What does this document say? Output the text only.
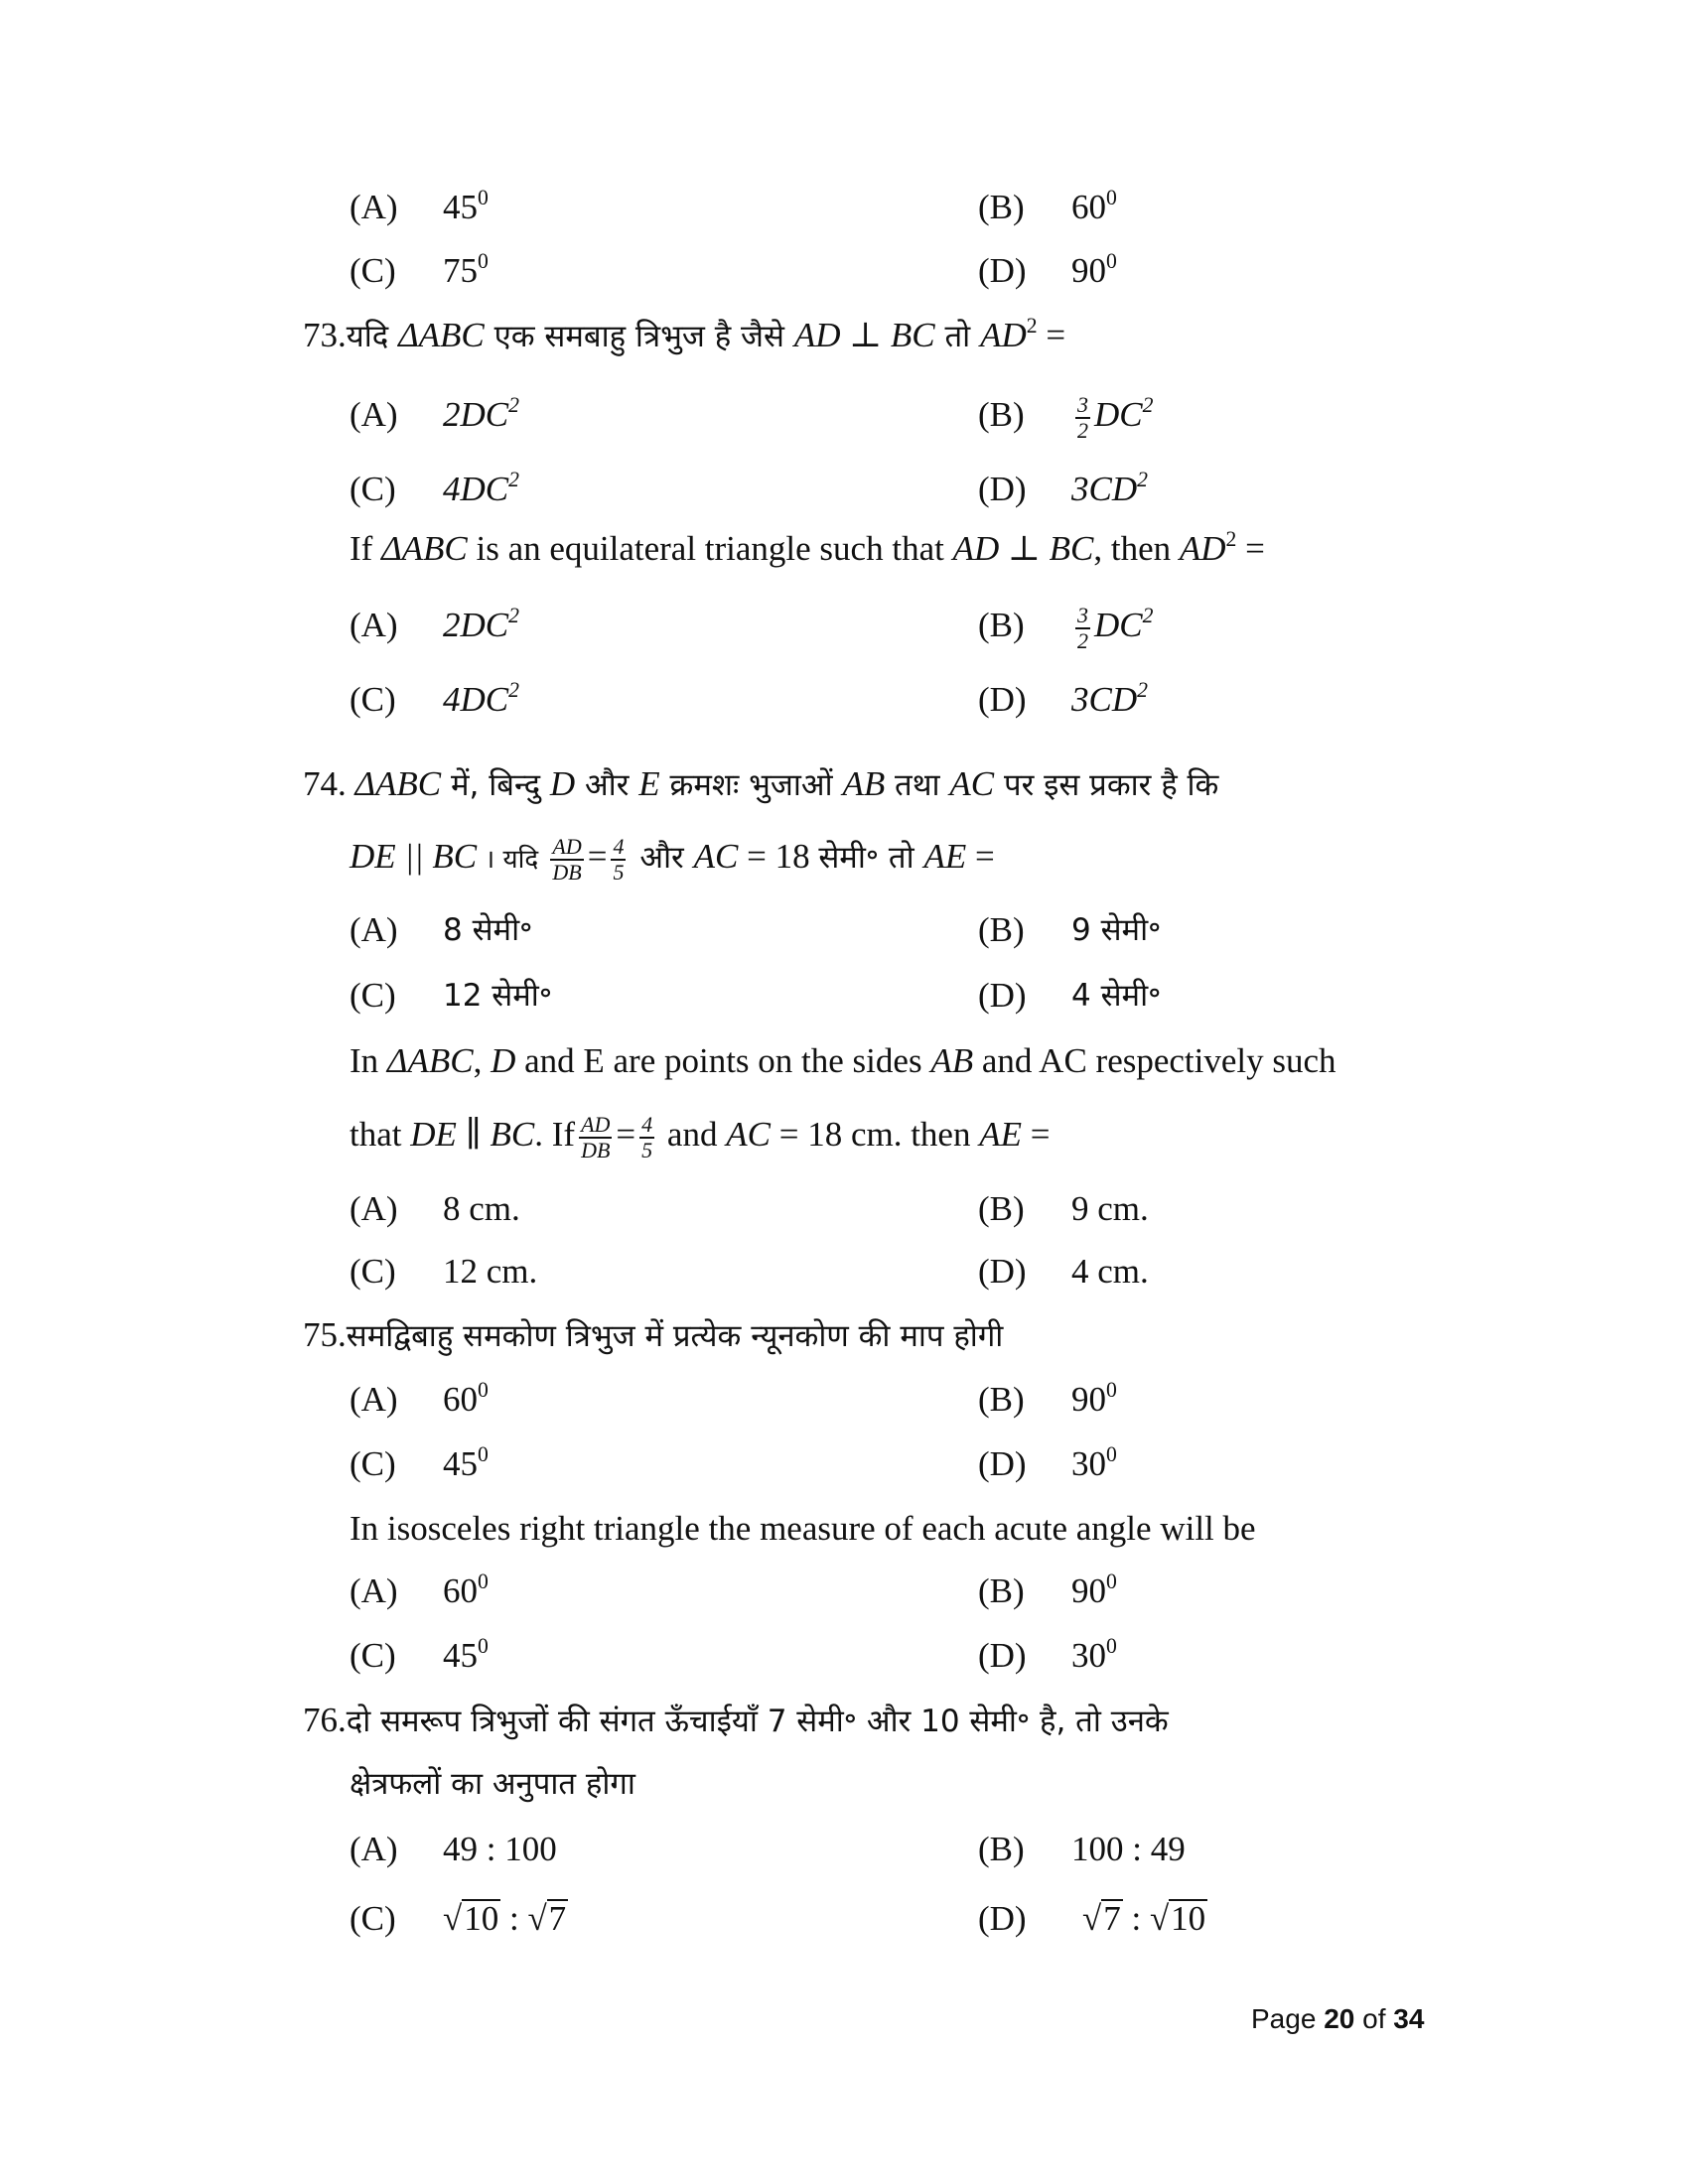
(A)	$45^0$	(B)	$60^0$
(C)	$75^0$	(D)	$90^0$
73.यदि ΔABC एक समबाहु त्रिभुज है जैसे AD ⊥ BC तो $AD^2$ =
(A)	$2DC^2$	(B)	$\frac{3}{2} DC^2$
(C)	$4DC^2$	(D)	$3CD^2$
If ΔABC is an equilateral triangle such that AD ⊥ BC, then $AD^2$ =
(A)	$2DC^2$	(B)	$\frac{3}{2} DC^2$
(C)	$4DC^2$	(D)	$3CD^2$
74. ΔABC में, बिन्दु D और E क्रमशः भुजाओं AB तथा AC पर इस प्रकार है कि
DE || BC । यदि $\frac{AD}{DB} = \frac{4}{5}$ और AC = 18 सेमी॰ तो AE =
(A)	8 सेमी॰	(B)	9 सेमी॰
(C)	12 सेमी॰	(D)	4 सेमी॰
In ΔABC, D and E are points on the sides AB and AC respectively such
that DE ∥ BC. If $\frac{AD}{DB} = \frac{4}{5}$ and AC = 18 cm. then AE =
(A)	8 cm.	(B)	9 cm.
(C)	12 cm.	(D)	4 cm.
75.समद्विबाहु समकोण त्रिभुज में प्रत्येक न्यूनकोण की माप होगी
(A)	$60^0$	(B)	$90^0$
(C)	$45^0$	(D)	$30^0$
In isosceles right triangle the measure of each acute angle will be
(A)	$60^0$	(B)	$90^0$
(C)	$45^0$	(D)	$30^0$
76.दो समरूप त्रिभुजों की संगत ऊँचाईयाँ 7 सेमी॰ और 10 सेमी॰ है, तो उनके
क्षेत्रफलों का अनुपात होगा
(A)	49 : 100	(B)	100 : 49
(C)	√10 : √7	(D)	√7 : √10
Page 20 of 34
